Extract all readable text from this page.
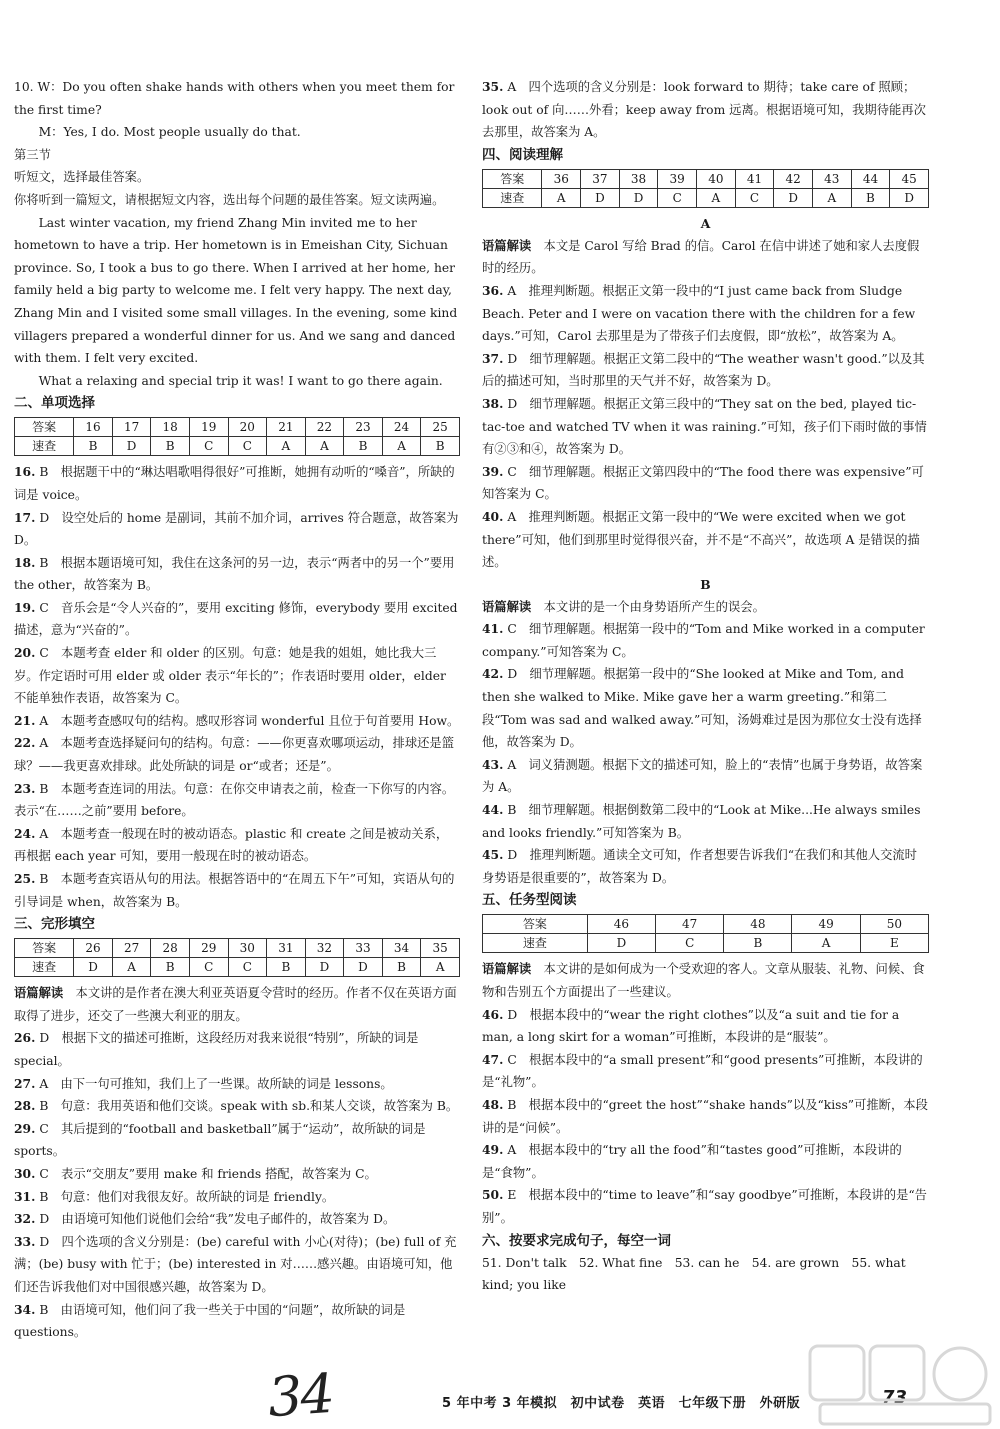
10. W：Do you often shake hands with others when you meet them for the first time?

M：Yes, I do. Most people usually do that.

第三节

听短文，选择最佳答案。

你将听到一篇短文，请根据短文内容，选出每个问题的最佳答案。短文读两遍。

Last winter vacation, my friend Zhang Min invited me to her hometown to have a trip. Her hometown is in Emeishan City, Sichuan province. So, I took a bus to go there. When I arrived at her home, her family held a big party to welcome me. I felt very happy. The next day, Zhang Min and I visited some small villages. In the evening, some kind villagers prepared a wonderful dinner for us. And we sang and danced with them. I felt very excited.

What a relaxing and special trip it was! I want to go there again.

二、单项选择

答案	16	17	18	19	20	21	22	23	24	25
速查	B	D	B	C	C	A	A	B	A	B

16. B　根据题干中的“琳达唱歌唱得很好”可推断，她拥有动听的“嗓音”，所缺的词是 voice。

17. D　设空处后的 home 是副词，其前不加介词，arrives 符合题意，故答案为 D。

18. B　根据本题语境可知，我住在这条河的另一边，表示“两者中的另一个”要用 the other，故答案为 B。

19. C　音乐会是“令人兴奋的”，要用 exciting 修饰，everybody 要用 excited 描述，意为“兴奋的”。

20. C　本题考查 elder 和 older 的区别。句意：她是我的姐姐，她比我大三岁。作定语时可用 elder 或 older 表示“年长的”；作表语时要用 older，elder 不能单独作表语，故答案为 C。

21. A　本题考查感叹句的结构。感叹形容词 wonderful 且位于句首要用 How。

22. A　本题考查选择疑问句的结构。句意：——你更喜欢哪项运动，排球还是篮球？——我更喜欢排球。此处所缺的词是 or“或者；还是”。

23. B　本题考查连词的用法。句意：在你交申请表之前，检查一下你写的内容。表示“在……之前”要用 before。

24. A　本题考查一般现在时的被动语态。plastic 和 create 之间是被动关系，再根据 each year 可知，要用一般现在时的被动语态。

25. B　本题考查宾语从句的用法。根据答语中的“在周五下午”可知，宾语从句的引导词是 when，故答案为 B。

三、完形填空

答案	26	27	28	29	30	31	32	33	34	35
速查	D	A	B	C	C	B	D	D	B	A

语篇解读　 本文讲的是作者在澳大利亚英语夏令营时的经历。作者不仅在英语方面取得了进步，还交了一些澳大利亚的朋友。

26. D　根据下文的描述可推断，这段经历对我来说很“特别”，所缺的词是 special。

27. A　由下一句可推知，我们上了一些课。故所缺的词是 lessons。

28. B　句意：我用英语和他们交谈。speak with sb.和某人交谈，故答案为 B。

29. C　其后提到的“football and basketball”属于“运动”，故所缺的词是 sports。

30. C　表示“交朋友”要用 make 和 friends 搭配，故答案为 C。

31. B　句意：他们对我很友好。故所缺的词是 friendly。

32. D　由语境可知他们说他们会给“我”发电子邮件的，故答案为 D。

33. D　四个选项的含义分别是：(be) careful with 小心(对待)；(be) full of 充满；(be) busy with 忙于；(be) interested in 对……感兴趣。由语境可知，他们还告诉我他们对中国很感兴趣，故答案为 D。

34. B　由语境可知，他们问了我一些关于中国的“问题”，故所缺的词是 questions。

35. A　四个选项的含义分别是：look forward to 期待；take care of 照顾；look out of 向……外看；keep away from 远离。根据语境可知，我期待能再次去那里，故答案为 A。

四、阅读理解

答案	36	37	38	39	40	41	42	43	44	45
速查	A	D	D	C	A	C	D	A	B	D

A

语篇解读　 本文是 Carol 写给 Brad 的信。Carol 在信中讲述了她和家人去度假时的经历。

36. A　推理判断题。根据正文第一段中的“I just came back from Sludge Beach. Peter and I were on vacation there with the children for a few days.”可知，Carol 去那里是为了带孩子们去度假，即“放松”，故答案为 A。

37. D　细节理解题。根据正文第二段中的“The weather wasn't good.”以及其后的描述可知，当时那里的天气并不好，故答案为 D。

38. D　细节理解题。根据正文第三段中的“They sat on the bed, played tic-tac-toe and watched TV when it was raining.”可知，孩子们下雨时做的事情有②③和④，故答案为 D。

39. C　细节理解题。根据正文第四段中的“The food there was expensive”可知答案为 C。

40. A　推理判断题。根据正文第一段中的“We were excited when we got there”可知，他们到那里时觉得很兴奋，并不是“不高兴”，故选项 A 是错误的描述。

B

语篇解读　 本文讲的是一个由身势语所产生的误会。

41. C　细节理解题。根据第一段中的“Tom and Mike worked in a computer company.”可知答案为 C。

42. D　细节理解题。根据第一段中的“She looked at Mike and Tom, and then she walked to Mike. Mike gave her a warm greeting.”和第二段“Tom was sad and walked away.”可知，汤姆难过是因为那位女士没有选择他，故答案为 D。

43. A　词义猜测题。根据下文的描述可知，脸上的“表情”也属于身势语，故答案为 A。

44. B　细节理解题。根据倒数第二段中的“Look at Mike...He always smiles and looks friendly.”可知答案为 B。

45. D　推理判断题。通读全文可知，作者想要告诉我们“在我们和其他人交流时身势语是很重要的”，故答案为 D。

五、任务型阅读

答案	46	47	48	49	50
速查	D	C	B	A	E

语篇解读　 本文讲的是如何成为一个受欢迎的客人。文章从服装、礼物、问候、食物和告别五个方面提出了一些建议。

46. D　根据本段中的“wear the right clothes”以及“a suit and tie for a man, a long skirt for a woman”可推断，本段讲的是“服装”。

47. C　根据本段中的“a small present”和“good presents”可推断，本段讲的是“礼物”。

48. B　根据本段中的“greet the host”“shake hands”以及“kiss”可推断，本段讲的是“问候”。

49. A　根据本段中的“try all the food”和“tastes good”可推断，本段讲的是“食物”。

50. E　根据本段中的“time to leave”和“say goodbye”可推断，本段讲的是“告别”。

六、按要求完成句子，每空一词

51. Don't talk　52. What fine　53. can he　54. are grown　55. what kind; you like

34	5 年中考 3 年模拟　初中试卷　英语　七年级下册　外研版	73
